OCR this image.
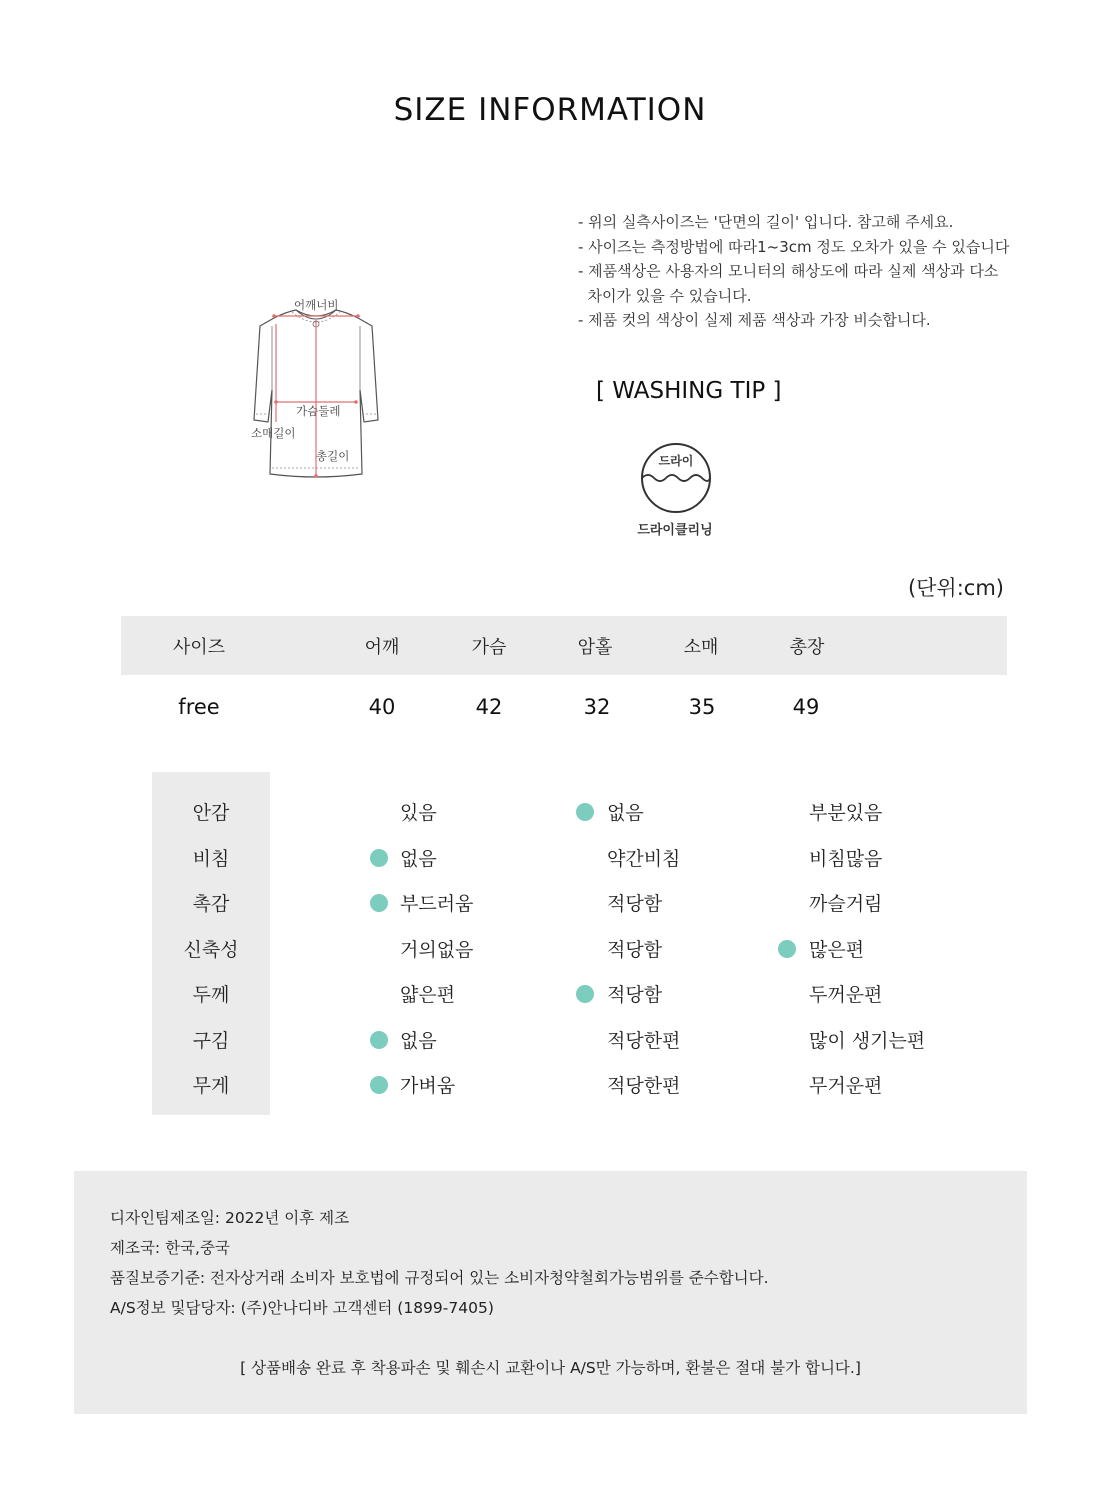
SIZE INFORMATION
어깨너비
가슴둘레
소매길이
총길이
- 위의 실측사이즈는 '단면의 길이' 입니다. 참고해 주세요.
- 사이즈는 측정방법에 따라1~3cm 정도 오차가 있을 수 있습니다
- 제품색상은 사용자의 모니터의 해상도에 따라 실제 색상과 다소
차이가 있을 수 있습니다.
- 제품 컷의 색상이 실제 제품 색상과 가장 비슷합니다.
[ WASHING TIP ]
드라이
드라이클리닝
(단위:cm)
사이즈	어깨	가슴	암홀	소매	총장
free	40	42	32	35	49
안감	있음	없음	부분있음
비침	없음	약간비침	비침많음
촉감	부드러움	적당함	까슬거림
신축성	거의없음	적당함	많은편
두께	얇은편	적당함	두꺼운편
구김	없음	적당한편	많이 생기는편
무게	가벼움	적당한편	무거운편
디자인팀제조일: 2022년 이후 제조
제조국: 한국,중국
품질보증기준: 전자상거래 소비자 보호법에 규정되어 있는 소비자청약철회가능범위를 준수합니다.
A/S정보 및담당자: (주)안나디바 고객센터 (1899-7405)
[ 상품배송 완료 후 착용파손 및 훼손시 교환이나 A/S만 가능하며, 환불은 절대 불가 합니다.]
